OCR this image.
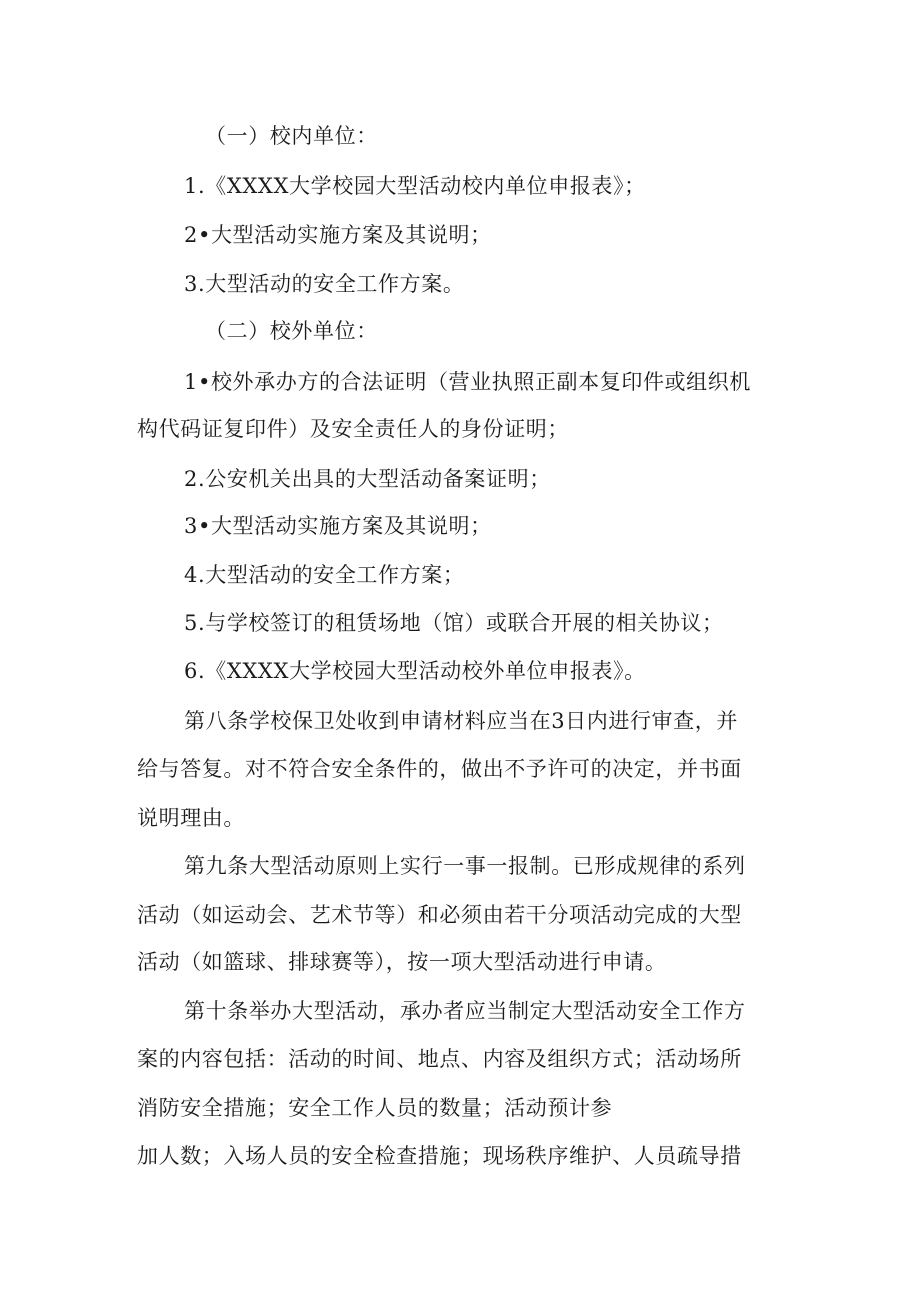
（一）校内单位：
1.《XXXX大学校园大型活动校内单位申报表》；
2•大型活动实施方案及其说明；
3.大型活动的安全工作方案。
（二）校外单位：
1•校外承办方的合法证明（营业执照正副本复印件或组织机
构代码证复印件）及安全责任人的身份证明；
2.公安机关出具的大型活动备案证明；
3•大型活动实施方案及其说明；
4.大型活动的安全工作方案；
5.与学校签订的租赁场地（馆）或联合开展的相关协议；
6.《XXXX大学校园大型活动校外单位申报表》。
第八条学校保卫处收到申请材料应当在3日内进行审查，并
给与答复。对不符合安全条件的，做出不予许可的决定，并书面
说明理由。
第九条大型活动原则上实行一事一报制。已形成规律的系列
活动（如运动会、艺术节等）和必须由若干分项活动完成的大型
活动（如篮球、排球赛等），按一项大型活动进行申请。
第十条举办大型活动，承办者应当制定大型活动安全工作方
案的内容包括：活动的时间、地点、内容及组织方式；活动场所
消防安全措施；安全工作人员的数量；活动预计参
加人数；入场人员的安全检查措施；现场秩序维护、人员疏导措
